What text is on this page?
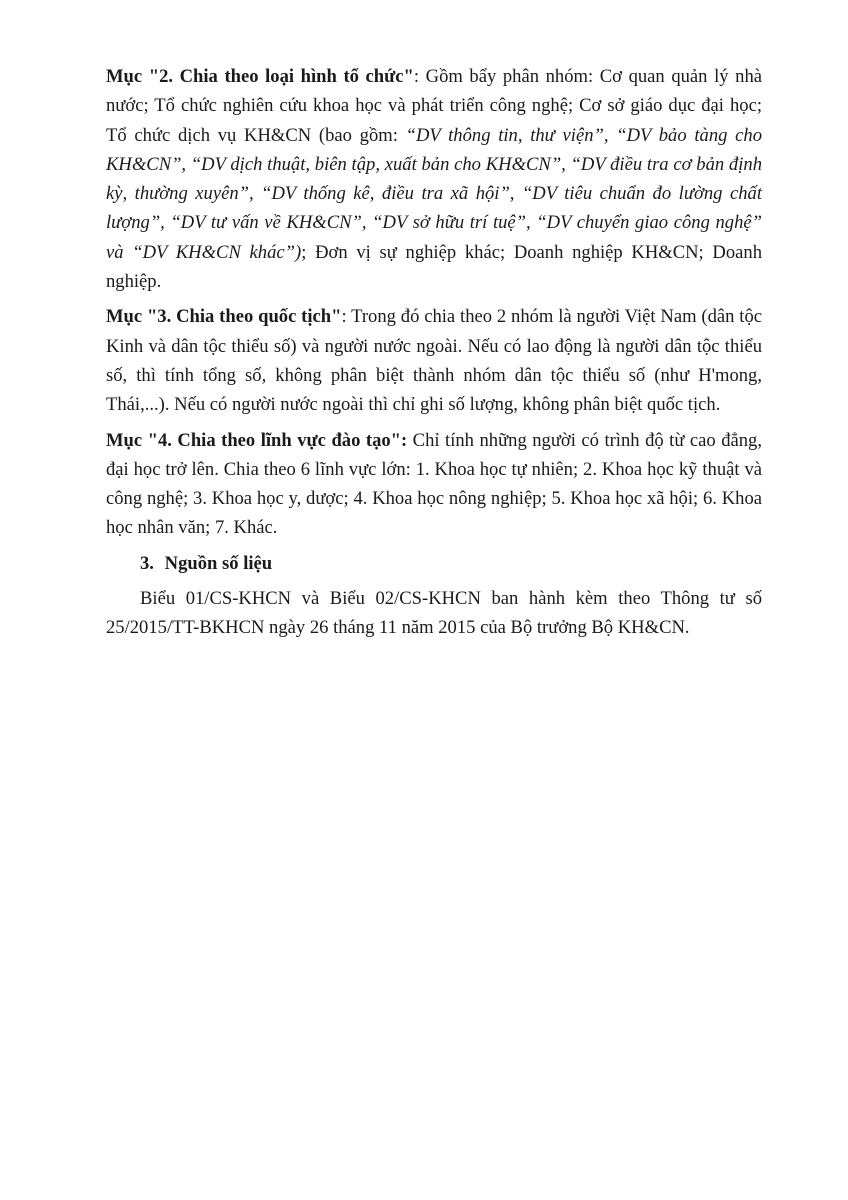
Mục "2. Chia theo loại hình tổ chức": Gồm bẩy phân nhóm: Cơ quan quản lý nhà nước; Tổ chức nghiên cứu khoa học và phát triển công nghệ; Cơ sở giáo dục đại học; Tổ chức dịch vụ KH&CN (bao gồm: “DV thông tin, thư viện”, “DV bảo tàng cho KH&CN”, “DV dịch thuật, biên tập, xuất bản cho KH&CN”, “DV điều tra cơ bản định kỳ, thường xuyên”, “DV thống kê, điều tra xã hội”, “DV tiêu chuẩn đo lường chất lượng”, “DV tư vấn về KH&CN”, “DV sở hữu trí tuệ”, “DV chuyển giao công nghệ” và “DV KH&CN khác”); Đơn vị sự nghiệp khác; Doanh nghiệp KH&CN; Doanh nghiệp.

Mục "3. Chia theo quốc tịch": Trong đó chia theo 2 nhóm là người Việt Nam (dân tộc Kinh và dân tộc thiểu số) và người nước ngoài. Nếu có lao động là người dân tộc thiểu số, thì tính tổng số, không phân biệt thành nhóm dân tộc thiểu số (như H'mong, Thái,...). Nếu có người nước ngoài thì chỉ ghi số lượng, không phân biệt quốc tịch.

Mục "4. Chia theo lĩnh vực đào tạo": Chỉ tính những người có trình độ từ cao đẳng, đại học trở lên. Chia theo 6 lĩnh vực lớn: 1. Khoa học tự nhiên; 2. Khoa học kỹ thuật và công nghệ; 3. Khoa học y, dược; 4. Khoa học nông nghiệp; 5. Khoa học xã hội; 6. Khoa học nhân văn; 7. Khác.

3. Nguồn số liệu

Biểu 01/CS-KHCN và Biểu 02/CS-KHCN ban hành kèm theo Thông tư số 25/2015/TT-BKHCN ngày 26 tháng 11 năm 2015 của Bộ trưởng Bộ KH&CN.
